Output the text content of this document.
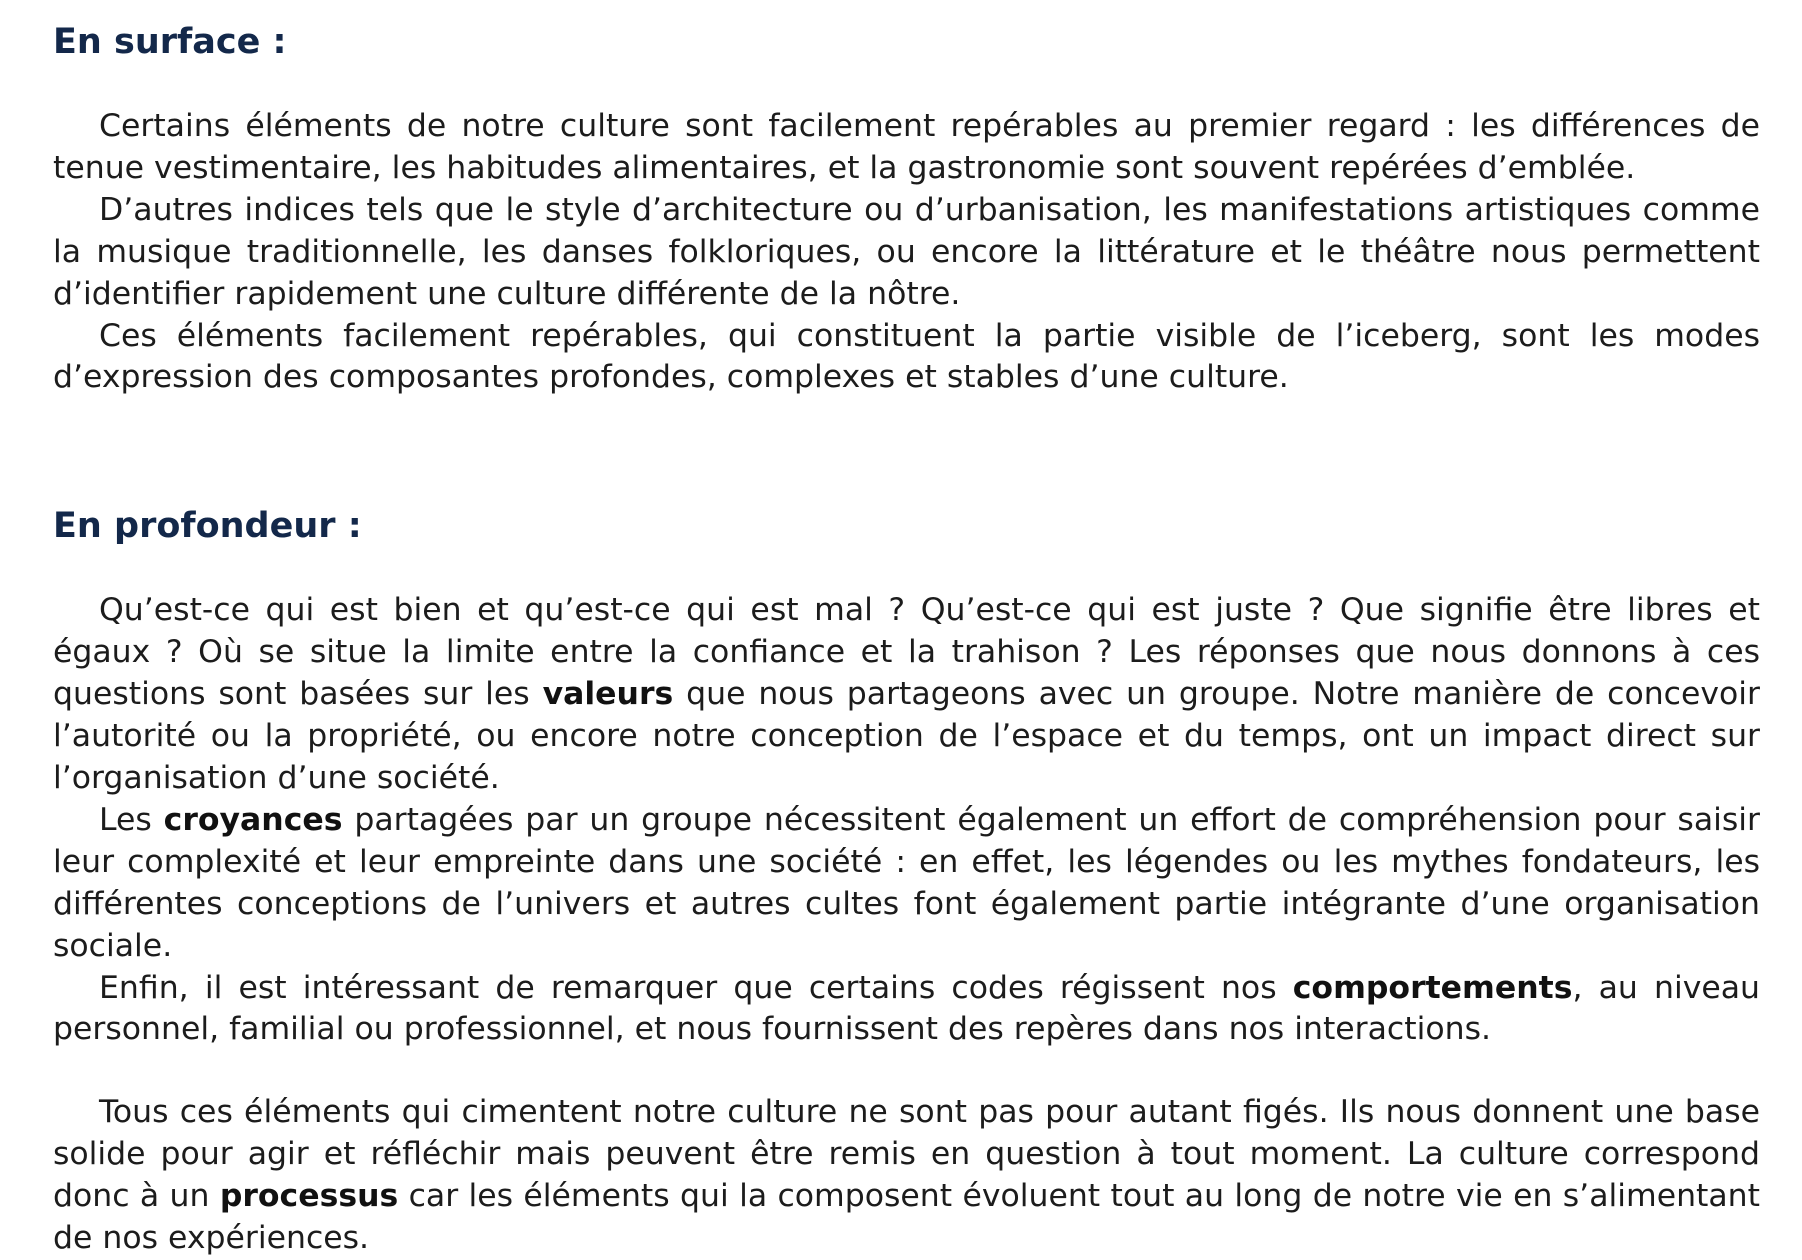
En surface :

Certains éléments de notre culture sont facilement repérables au premier regard : les différences de tenue vestimentaire, les habitudes alimentaires, et la gastronomie sont souvent repérées d’emblée.

D’autres indices tels que le style d’architecture ou d’urbanisation, les manifestations artistiques comme la musique traditionnelle, les danses folkloriques, ou encore la littérature et le théâtre nous permettent d’identifier rapidement une culture différente de la nôtre.

Ces éléments facilement repérables, qui constituent la partie visible de l’iceberg, sont les modes d’expression des composantes profondes, complexes et stables d’une culture.

En profondeur :

Qu’est-ce qui est bien et qu’est-ce qui est mal ? Qu’est-ce qui est juste ? Que signifie être libres et égaux ? Où se situe la limite entre la confiance et la trahison ? Les réponses que nous donnons à ces questions sont basées sur les valeurs que nous partageons avec un groupe. Notre manière de concevoir l’autorité ou la propriété, ou encore notre conception de l’espace et du temps, ont un impact direct sur l’organisation d’une société.

Les croyances partagées par un groupe nécessitent également un effort de compréhension pour saisir leur complexité et leur empreinte dans une société : en effet, les légendes ou les mythes fondateurs, les différentes conceptions de l’univers et autres cultes font également partie intégrante d’une organisation sociale.

Enfin, il est intéressant de remarquer que certains codes régissent nos comportements, au niveau personnel, familial ou professionnel, et nous fournissent des repères dans nos interactions.

Tous ces éléments qui cimentent notre culture ne sont pas pour autant figés. Ils nous donnent une base solide pour agir et réfléchir mais peuvent être remis en question à tout moment. La culture correspond donc à un processus car les éléments qui la composent évoluent tout au long de notre vie en s’alimentant de nos expériences.
